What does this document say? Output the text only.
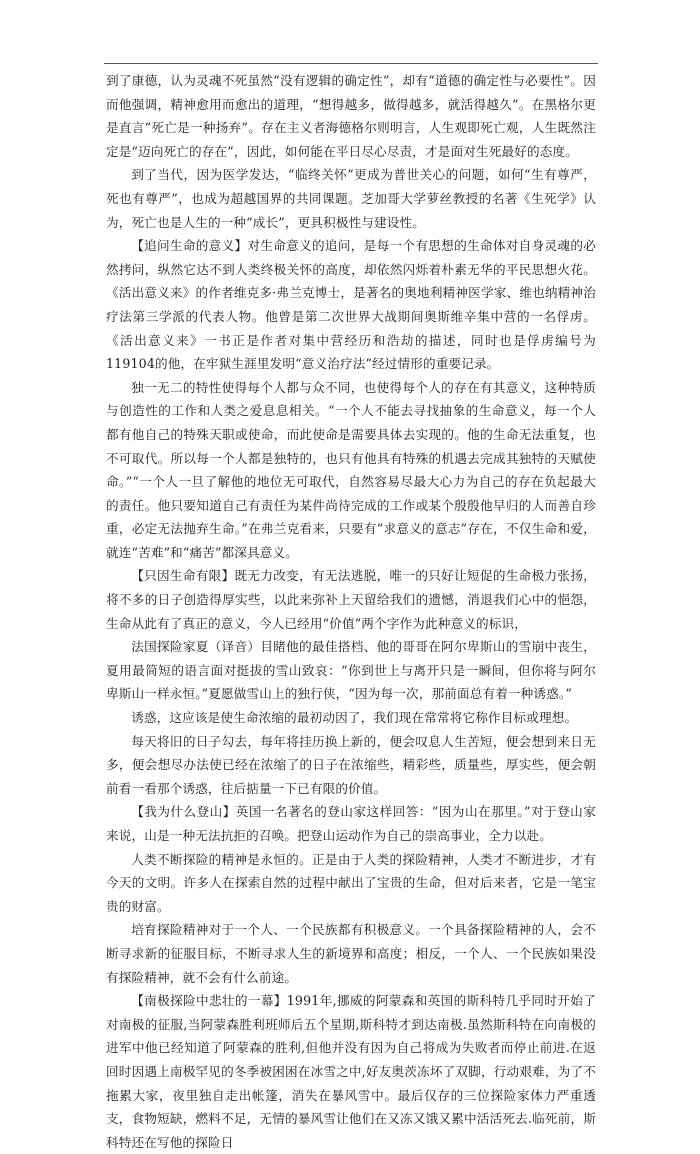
到了康德，认为灵魂不死虽然“没有逻辑的确定性”，却有“道德的确定性与必要性”。因而他强调，精神愈用而愈出的道理，“想得越多，做得越多，就活得越久”。在黑格尔更是直言“死亡是一种扬弃”。存在主义者海德格尔则明言，人生观即死亡观，人生既然注定是“迈向死亡的存在”，因此，如何能在平日尽心尽责，才是面对生死最好的态度。

到了当代，因为医学发达，“临终关怀”更成为普世关心的问题，如何“生有尊严，死也有尊严”，也成为超越国界的共同课题。芝加哥大学萝丝教授的名著《生死学》认为，死亡也是人生的一种“成长”，更具积极性与建设性。

【追问生命的意义】对生命意义的追问，是每一个有思想的生命体对自身灵魂的必然拷问，纵然它达不到人类终极关怀的高度，却依然闪烁着朴素无华的平民思想火花。《活出意义来》的作者维克多·弗兰克博士，是著名的奥地利精神医学家、维也纳精神治疗法第三学派的代表人物。他曾是第二次世界大战期间奥斯维辛集中营的一名俘虏。《活出意义来》一书正是作者对集中营经历和浩劫的描述，同时也是俘虏编号为119104的他，在牢狱生涯里发明“意义治疗法”经过情形的重要记录。

独一无二的特性使得每个人都与众不同，也使得每个人的存在有其意义，这种特质与创造性的工作和人类之爱息息相关。“一个人不能去寻找抽象的生命意义，每一个人都有他自己的特殊天职或使命，而此使命是需要具体去实现的。他的生命无法重复，也不可取代。所以每一个人都是独特的，也只有他具有特殊的机遇去完成其独特的天赋使命。”“一个人一旦了解他的地位无可取代，自然容易尽最大心力为自己的存在负起最大的责任。他只要知道自己有责任为某件尚待完成的工作或某个殷殷他早归的人而善自珍重，必定无法抛弃生命。”在弗兰克看来，只要有“求意义的意志”存在，不仅生命和爱，就连“苦难”和“痛苦”都深具意义。

【只因生命有限】既无力改变，有无法逃脱，唯一的只好让短促的生命极力张扬，将不多的日子创造得厚实些，以此来弥补上天留给我们的遗憾，消退我们心中的悒怨，生命从此有了真正的意义，今人已经用“价值”两个字作为此种意义的标识，

法国探险家夏（译音）目睹他的最佳搭档、他的哥哥在阿尔卑斯山的雪崩中丧生，夏用最简短的语言面对挺拔的雪山致哀：“你到世上与离开只是一瞬间，但你将与阿尔卑斯山一样永恒。”夏愿做雪山上的独行侠，“因为每一次，那前面总有着一种诱惑。”

诱惑，这应该是使生命浓缩的最初动因了，我们现在常常将它称作目标或理想。

每天将旧的日子勾去，每年将挂历换上新的，便会叹息人生苦短，便会想到来日无多，便会想尽办法使已经在浓缩了的日子在浓缩些，精彩些，质量些，厚实些，便会朝前看一看那个诱惑，往后掂量一下已有限的价值。

【我为什么登山】英国一名著名的登山家这样回答：“因为山在那里。”对于登山家来说，山是一种无法抗拒的召唤。把登山运动作为自己的崇高事业，全力以赴。

人类不断探险的精神是永恒的。正是由于人类的探险精神，人类才不断进步，才有今天的文明。许多人在探索自然的过程中献出了宝贵的生命，但对后来者，它是一笔宝贵的财富。

培育探险精神对于一个人、一个民族都有积极意义。一个具备探险精神的人，会不断寻求新的征服目标，不断寻求人生的新境界和高度；相反，一个人、一个民族如果没有探险精神，就不会有什么前途。

【南极探险中悲壮的一幕】1991年,挪威的阿蒙森和英国的斯科特几乎同时开始了对南极的征服,当阿蒙森胜利班师后五个星期,斯科特才到达南极.虽然斯科特在向南极的进军中他已经知道了阿蒙森的胜利,但他并没有因为自己将成为失败者而停止前进.在返回时因遇上南极罕见的冬季被困困在冰雪之中,好友奥茨冻坏了双脚，行动艰难，为了不拖累大家，夜里独自走出帐篷，消失在暴风雪中。最后仅存的三位探险家体力严重透支，食物短缺，燃料不足，无情的暴风雪让他们在又冻又饿又累中活活死去.临死前，斯科特还在写他的探险日
